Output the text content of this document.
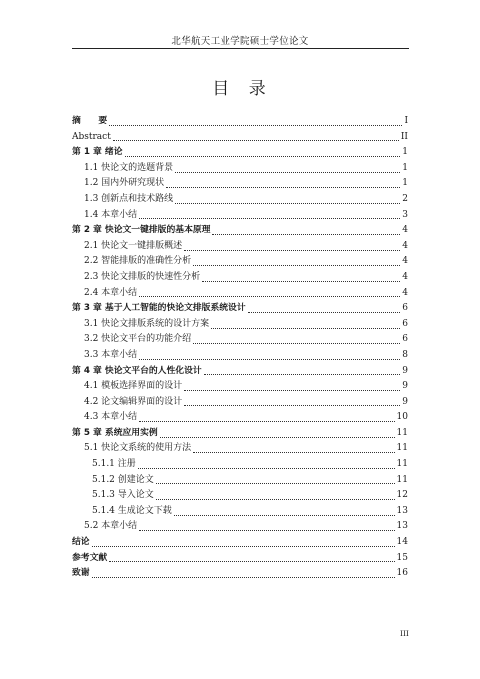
北华航天工业学院硕士学位论文
目 录
摘　　要	I
Abstract	II
第 1 章 绪论	1
1.1 快论文的选题背景	1
1.2 国内外研究现状	1
1.3 创新点和技术路线	2
1.4 本章小结	3
第 2 章 快论文一键排版的基本原理	4
2.1 快论文一键排版概述	4
2.2 智能排版的准确性分析	4
2.3 快论文排版的快速性分析	4
2.4 本章小结	4
第 3 章 基于人工智能的快论文排版系统设计	6
3.1 快论文排版系统的设计方案	6
3.2 快论文平台的功能介绍	6
3.3 本章小结	8
第 4 章 快论文平台的人性化设计	9
4.1 模板选择界面的设计	9
4.2 论文编辑界面的设计	9
4.3 本章小结	10
第 5 章 系统应用实例	11
5.1 快论文系统的使用方法	11
5.1.1 注册	11
5.1.2 创建论文	11
5.1.3 导入论文	12
5.1.4 生成论文下载	13
5.2 本章小结	13
结论	14
参考文献	15
致谢	16
III
